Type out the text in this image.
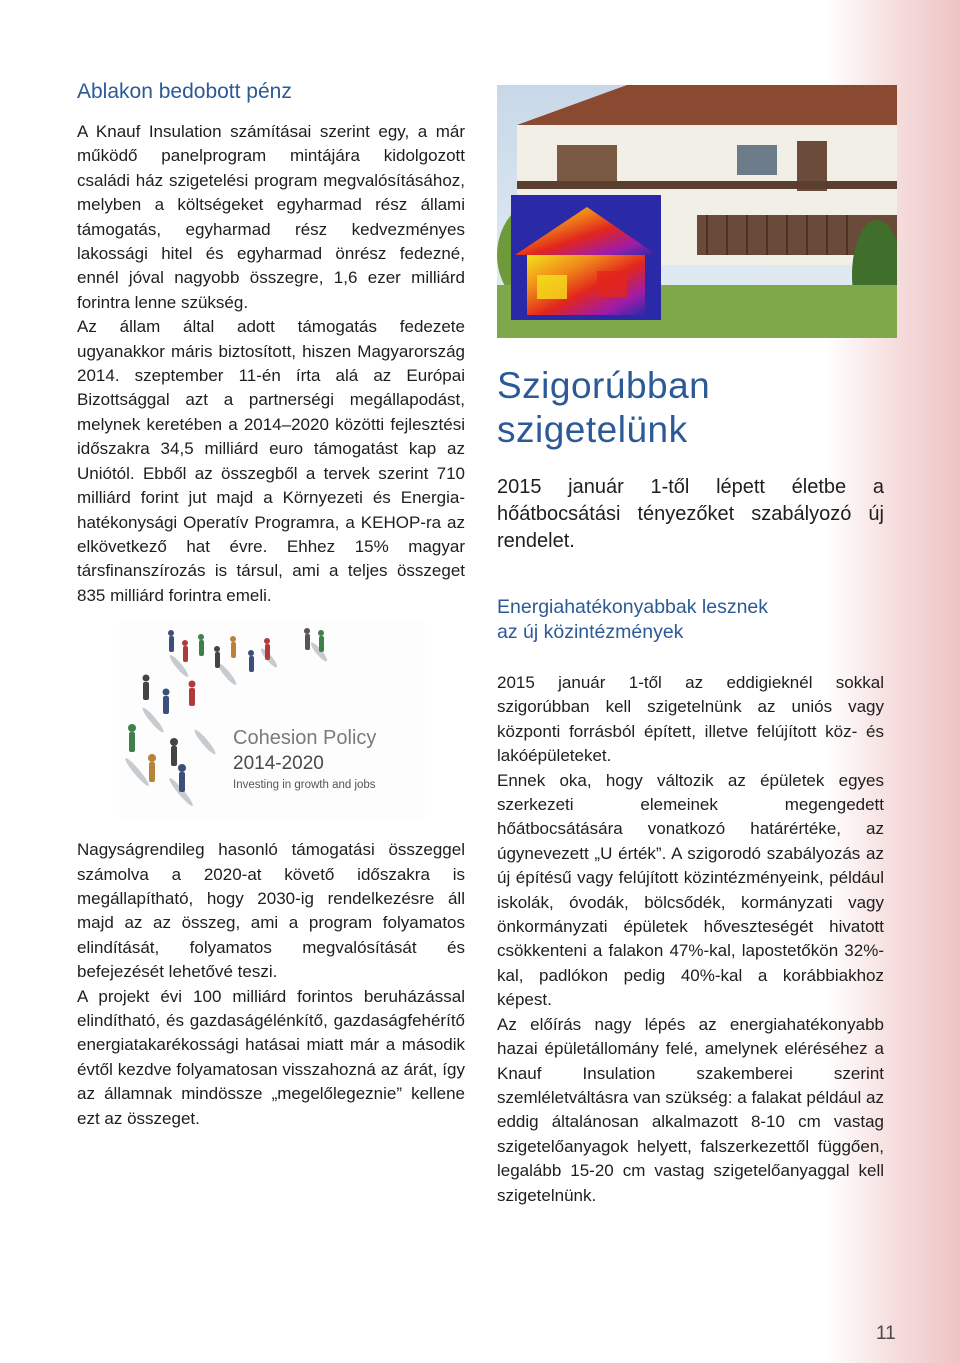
Ablakon bedobott pénz

A Knauf Insulation számításai szerint egy, a már működő panelprogram mintájára kidolgozott családi ház szigetelési program megvalósításához, melyben a költségeket egyharmad rész állami támogatás, egyharmad rész kedvezményes lakossági hitel és egyharmad önrész fedezné, ennél jóval nagyobb összegre, 1,6 ezer milliárd forintra lenne szükség.

Az állam által adott támogatás fedezete ugyanakkor máris biztosított, hiszen Magyarország 2014. szeptember 11-én írta alá az Európai Bizottsággal azt a partnerségi megállapodást, melynek keretében a 2014–2020 közötti fejlesztési időszakra 34,5 milliárd euro támogatást kap az Uniótól. Ebből az összegből a tervek szerint 710 milliárd forint jut majd a Környezeti és Energia-hatékonysági Operatív Programra, a KEHOP-ra az elkövetkező hat évre. Ehhez 15% magyar társfinanszírozás is társul, ami a teljes összeget 835 milliárd forintra emeli.

Cohesion Policy
2014-2020
Investing in growth and jobs

Nagyságrendileg hasonló támogatási összeggel számolva a 2020-at követő időszakra is megállapítható, hogy 2030-ig rendelkezésre áll majd az az összeg, ami a program folyamatos elindítását, folyamatos megvalósítását és befejezését lehetővé teszi.

A projekt évi 100 milliárd forintos beruházással elindítható, és gazdaságélénkítő, gazdaságfehérítő energiatakarékossági hatásai miatt már a második évtől kezdve folyamatosan visszahozná az árát, így az államnak mindössze „megelőlegeznie” kellene ezt az összeget.

Szigorúbban
szigetelünk

2015 január 1-től lépett életbe a hőátbocsátási tényezőket szabályozó új rendelet.

Energiahatékonyabbak lesznek
az új közintézmények

2015 január 1-től az eddigieknél sokkal szigorúbban kell szigetelnünk az uniós vagy központi forrásból épített, illetve felújított köz- és lakóépületeket.

Ennek oka, hogy változik az épületek egyes szerkezeti elemeinek megengedett hőátbocsátására vonatkozó határértéke, az úgynevezett „U érték”. A szigorodó szabályozás az új építésű vagy felújított közintézményeink, például iskolák, óvodák, bölcsődék, kormányzati vagy önkormányzati épületek hőveszteségét hivatott csökkenteni a falakon 47%-kal, lapostetőkön 32%-kal, padlókon pedig 40%-kal a korábbiakhoz képest.

Az előírás nagy lépés az energiahatékonyabb hazai épületállomány felé, amelynek eléréséhez a Knauf Insulation szakemberei szerint szemléletváltásra van szükség: a falakat például az eddig általánosan alkalmazott 8-10 cm vastag szigetelőanyagok helyett, falszerkezettől függően, legalább 15-20 cm vastag szigetelőanyaggal kell szigetelnünk.

11
